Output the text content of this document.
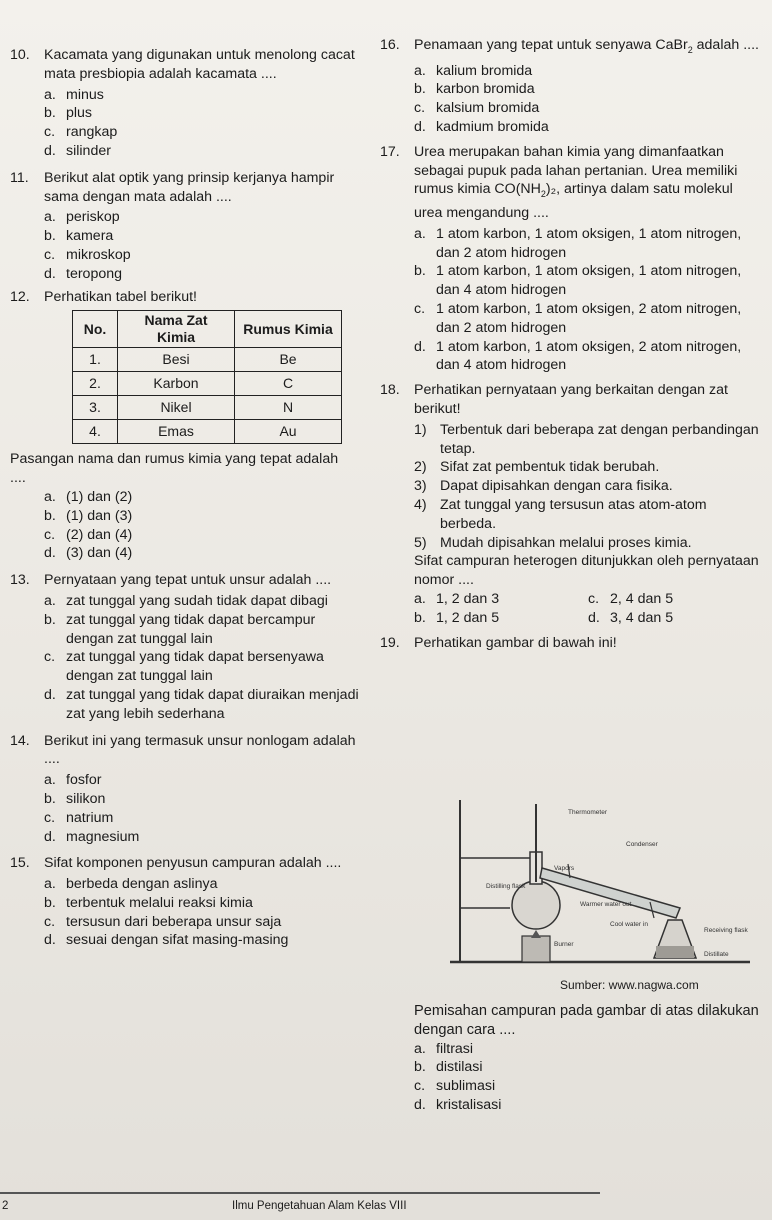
10.	Kacamata yang digunakan untuk menolong cacat mata presbiopia adalah kacamata ....
a. minus
b. plus
c. rangkap
d. silinder
11.	Berikut alat optik yang prinsip kerjanya hampir sama dengan mata adalah ....
a. periskop
b. kamera
c. mikroskop
d. teropong
12.	Perhatikan tabel berikut!
No.	Nama Zat Kimia	Rumus Kimia
1.	Besi	Be
2.	Karbon	C
3.	Nikel	N
4.	Emas	Au
Pasangan nama dan rumus kimia yang tepat adalah ....
a. (1) dan (2)
b. (1) dan (3)
c. (2) dan (4)
d. (3) dan (4)
13.	Pernyataan yang tepat untuk unsur adalah ....
a. zat tunggal yang sudah tidak dapat dibagi
b. zat tunggal yang tidak dapat bercampur dengan zat tunggal lain
c. zat tunggal yang tidak dapat bersenyawa dengan zat tunggal lain
d. zat tunggal yang tidak dapat diuraikan menjadi zat yang lebih sederhana
14.	Berikut ini yang termasuk unsur nonlogam adalah ....
a. fosfor
b. silikon
c. natrium
d. magnesium
15.	Sifat komponen penyusun campuran adalah ....
a. berbeda dengan aslinya
b. terbentuk melalui reaksi kimia
c. tersusun dari beberapa unsur saja
d. sesuai dengan sifat masing-masing
16.	Penamaan yang tepat untuk senyawa CaBr$_2$ adalah ....
a. kalium bromida
b. karbon bromida
c. kalsium bromida
d. kadmium bromida
17.	Urea merupakan bahan kimia yang dimanfaatkan sebagai pupuk pada lahan pertanian. Urea memiliki rumus kimia $CO(NH_2)_2$, artinya dalam satu molekul urea mengandung ....
a. 1 atom karbon, 1 atom oksigen, 1 atom nitrogen, dan 2 atom hidrogen
b. 1 atom karbon, 1 atom oksigen, 1 atom nitrogen, dan 4 atom hidrogen
c. 1 atom karbon, 1 atom oksigen, 2 atom nitrogen, dan 2 atom hidrogen
d. 1 atom karbon, 1 atom oksigen, 2 atom nitrogen, dan 4 atom hidrogen
18.	Perhatikan pernyataan yang berkaitan dengan zat berikut!
1) Terbentuk dari beberapa zat dengan perbandingan tetap.
2) Sifat zat pembentuk tidak berubah.
3) Dapat dipisahkan dengan cara fisika.
4) Zat tunggal yang tersusun atas atom-atom berbeda.
5) Mudah dipisahkan melalui proses kimia.
Sifat campuran heterogen ditunjukkan oleh pernyataan nomor ....
a. 1, 2 dan 3	c. 2, 4 dan 5
b. 1, 2 dan 5	d. 3, 4 dan 5
19.	Perhatikan gambar di bawah ini!
Thermometer
Condenser
Vapors
Distilling flask
Warmer water out
Cool water in
Burner
Receiving flask
Distillate
Sumber: www.nagwa.com
Pemisahan campuran pada gambar di atas dilakukan dengan cara ....
a. filtrasi
b. distilasi
c. sublimasi
d. kristalisasi
2	Ilmu Pengetahuan Alam Kelas VIII
